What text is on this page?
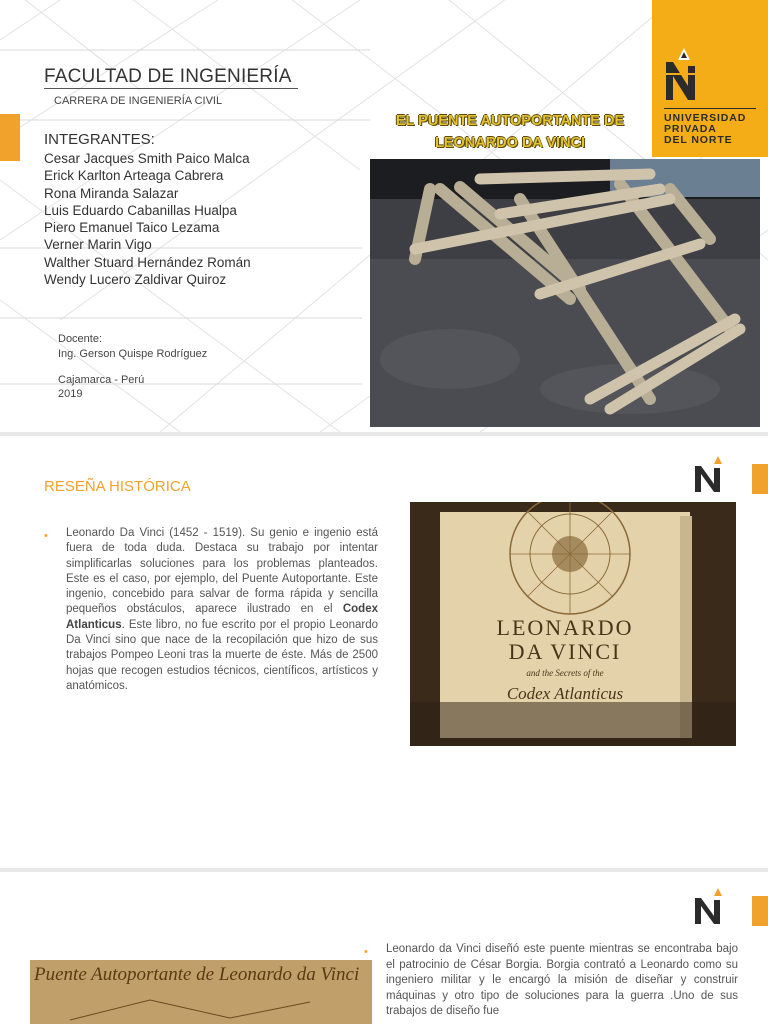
FACULTAD DE INGENIERÍA
CARRERA DE INGENIERÍA CIVIL
INTEGRANTES:
Cesar Jacques Smith Paico Malca
Erick Karlton Arteaga Cabrera
Rona Miranda Salazar
Luis Eduardo Cabanillas Hualpa
Piero Emanuel Taico Lezama
Verner Marin Vigo
Walther Stuard Hernández Román
Wendy Lucero Zaldivar Quiroz
Docente:
Ing. Gerson Quispe Rodríguez
Cajamarca - Perú
2019
UNIVERSIDAD
PRIVADA
DEL NORTE
EL PUENTE AUTOPORTANTE DE
LEONARDO DA VINCI
RESEÑA HISTÓRICA
• Leonardo Da Vinci (1452 - 1519). Su genio e ingenio está fuera de toda duda. Destaca su trabajo por intentar simplificarlas soluciones para los problemas planteados. Este es el caso, por ejemplo, del Puente Autoportante. Este ingenio, concebido para salvar de forma rápida y sencilla pequeños obstáculos, aparece ilustrado en el Codex Atlanticus. Este libro, no fue escrito por el propio Leonardo Da Vinci sino que nace de la recopilación que hizo de sus trabajos Pompeo Leoni tras la muerte de éste. Más de 2500 hojas que recogen estudios técnicos, científicos, artísticos y anatómicos.
LEONARDO
DA VINCI
and the Secrets of the
Codex Atlanticus
• Leonardo da Vinci diseñó este puente mientras se encontraba bajo el patrocinio de César Borgia. Borgia contrató a Leonardo como su ingeniero militar y le encargó la misión de diseñar y construir máquinas y otro tipo de soluciones para la guerra .Uno de sus trabajos de diseño fue
Puente Autoportante de Leonardo da Vinci
